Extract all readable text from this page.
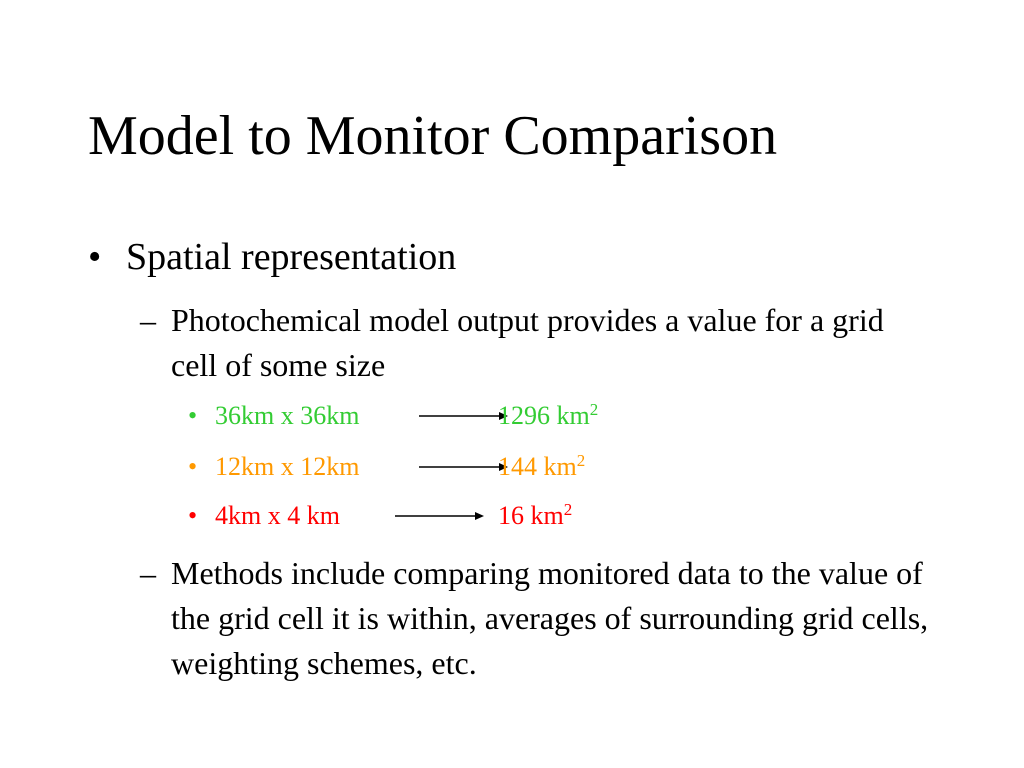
Model to Monitor Comparison
• Spatial representation
– Photochemical model output provides a value for a grid cell of some size
• 36km x 36km	1296 $km^2$
• 12km x 12km	144 $km^2$
• 4km x 4 km	16 $km^2$
– Methods include comparing monitored data to the value of the grid cell it is within, averages of surrounding grid cells, weighting schemes, etc.
